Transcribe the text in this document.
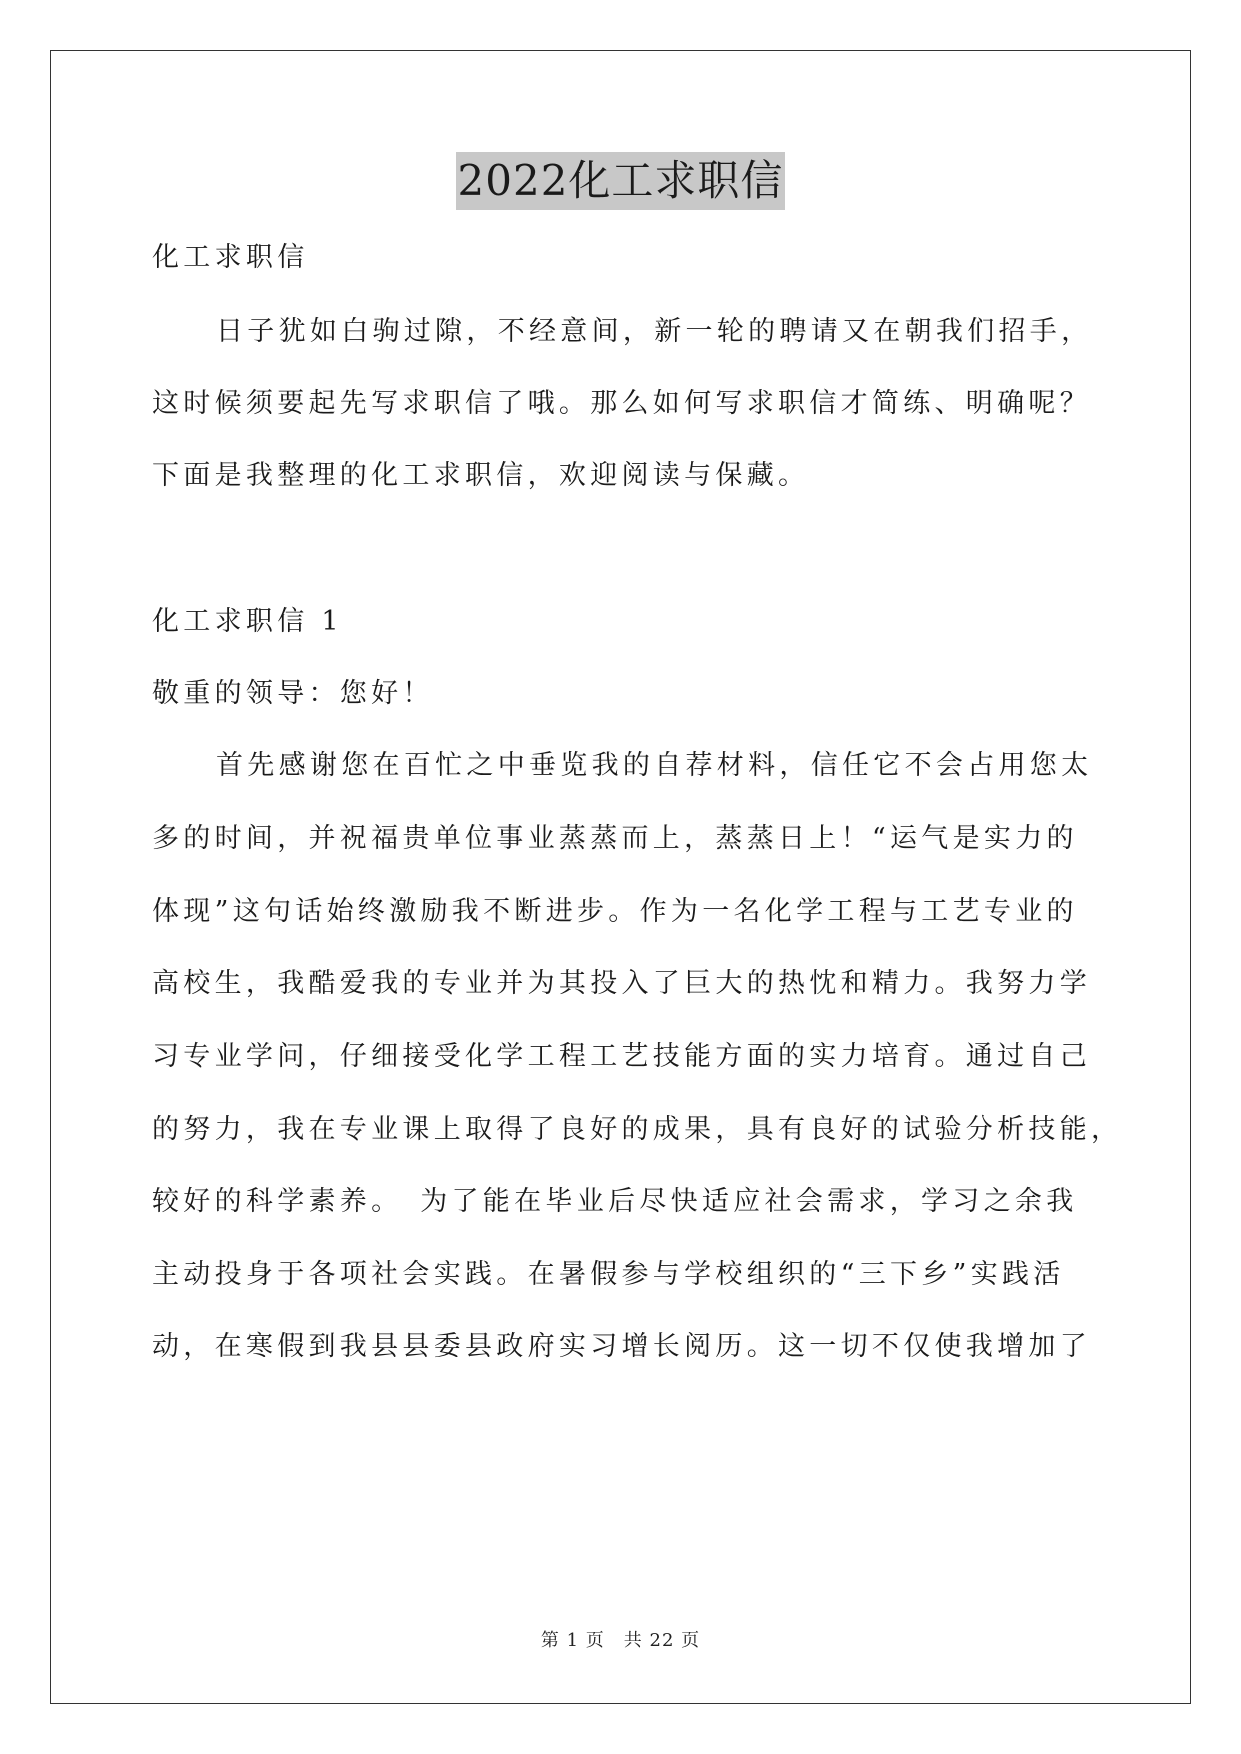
2022化工求职信
化工求职信
日子犹如白驹过隙，不经意间，新一轮的聘请又在朝我们招手，
这时候须要起先写求职信了哦。那么如何写求职信才简练、明确呢？
下面是我整理的化工求职信，欢迎阅读与保藏。
化工求职信 1
敬重的领导：您好！
首先感谢您在百忙之中垂览我的自荐材料，信任它不会占用您太
多的时间，并祝福贵单位事业蒸蒸而上，蒸蒸日上！“运气是实力的
体现”这句话始终激励我不断进步。作为一名化学工程与工艺专业的
高校生，我酷爱我的专业并为其投入了巨大的热忱和精力。我努力学
习专业学问，仔细接受化学工程工艺技能方面的实力培育。通过自己
的努力，我在专业课上取得了良好的成果，具有良好的试验分析技能，
较好的科学素养。　为了能在毕业后尽快适应社会需求，学习之余我
主动投身于各项社会实践。在暑假参与学校组织的“三下乡”实践活
动，在寒假到我县县委县政府实习增长阅历。这一切不仅使我增加了
第 1 页　共 22 页
